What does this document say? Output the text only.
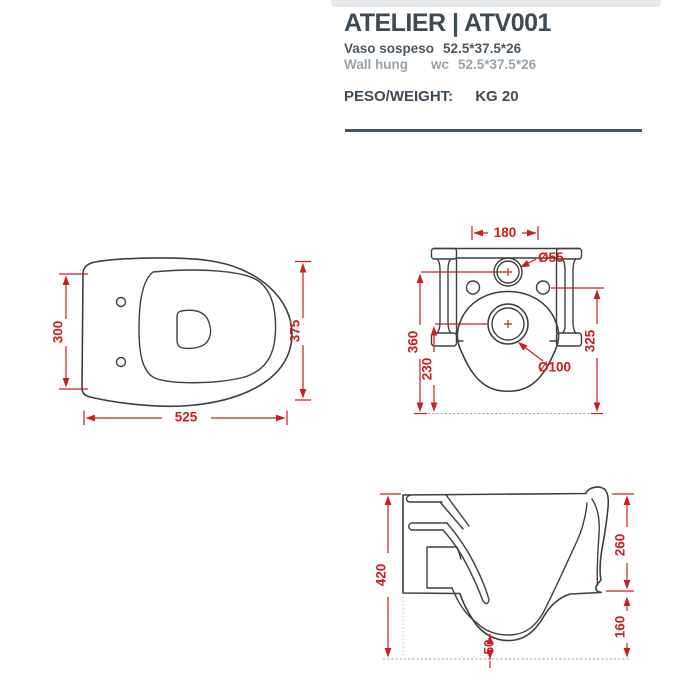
ATELIER | ATV001
Vaso sospeso 52.5*37.5*26
Wall hung wc 52.5*37.5*26
PESO/WEIGHT: KG 20
300	375
525
180
360
230
325
Ø55
Ø100
420
260
160
50
